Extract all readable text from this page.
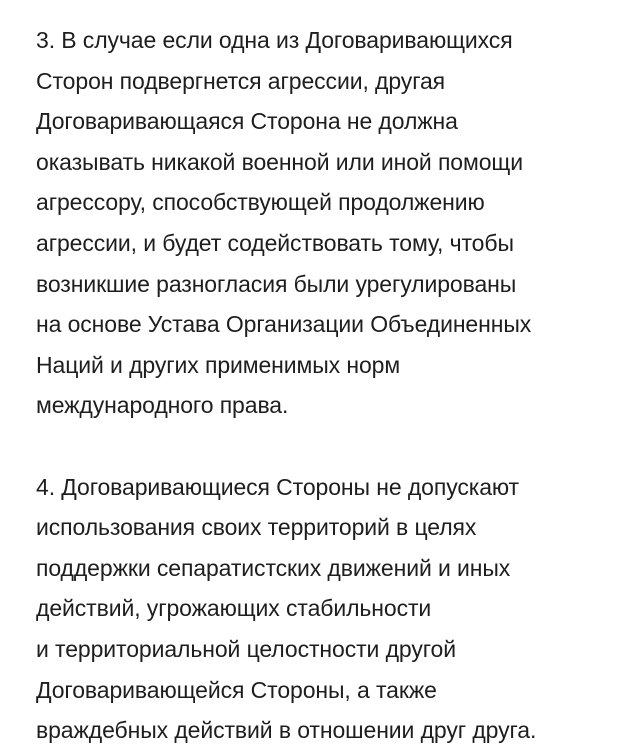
3. В случае если одна из Договаривающихся
Сторон подвергнется агрессии, другая
Договаривающаяся Сторона не должна
оказывать никакой военной или иной помощи
агрессору, способствующей продолжению
агрессии, и будет содействовать тому, чтобы
возникшие разногласия были урегулированы
на основе Устава Организации Объединенных
Наций и других применимых норм
международного права.
4. Договаривающиеся Стороны не допускают
использования своих территорий в целях
поддержки сепаратистских движений и иных
действий, угрожающих стабильности
и территориальной целостности другой
Договаривающейся Стороны, а также
враждебных действий в отношении друг друга.
